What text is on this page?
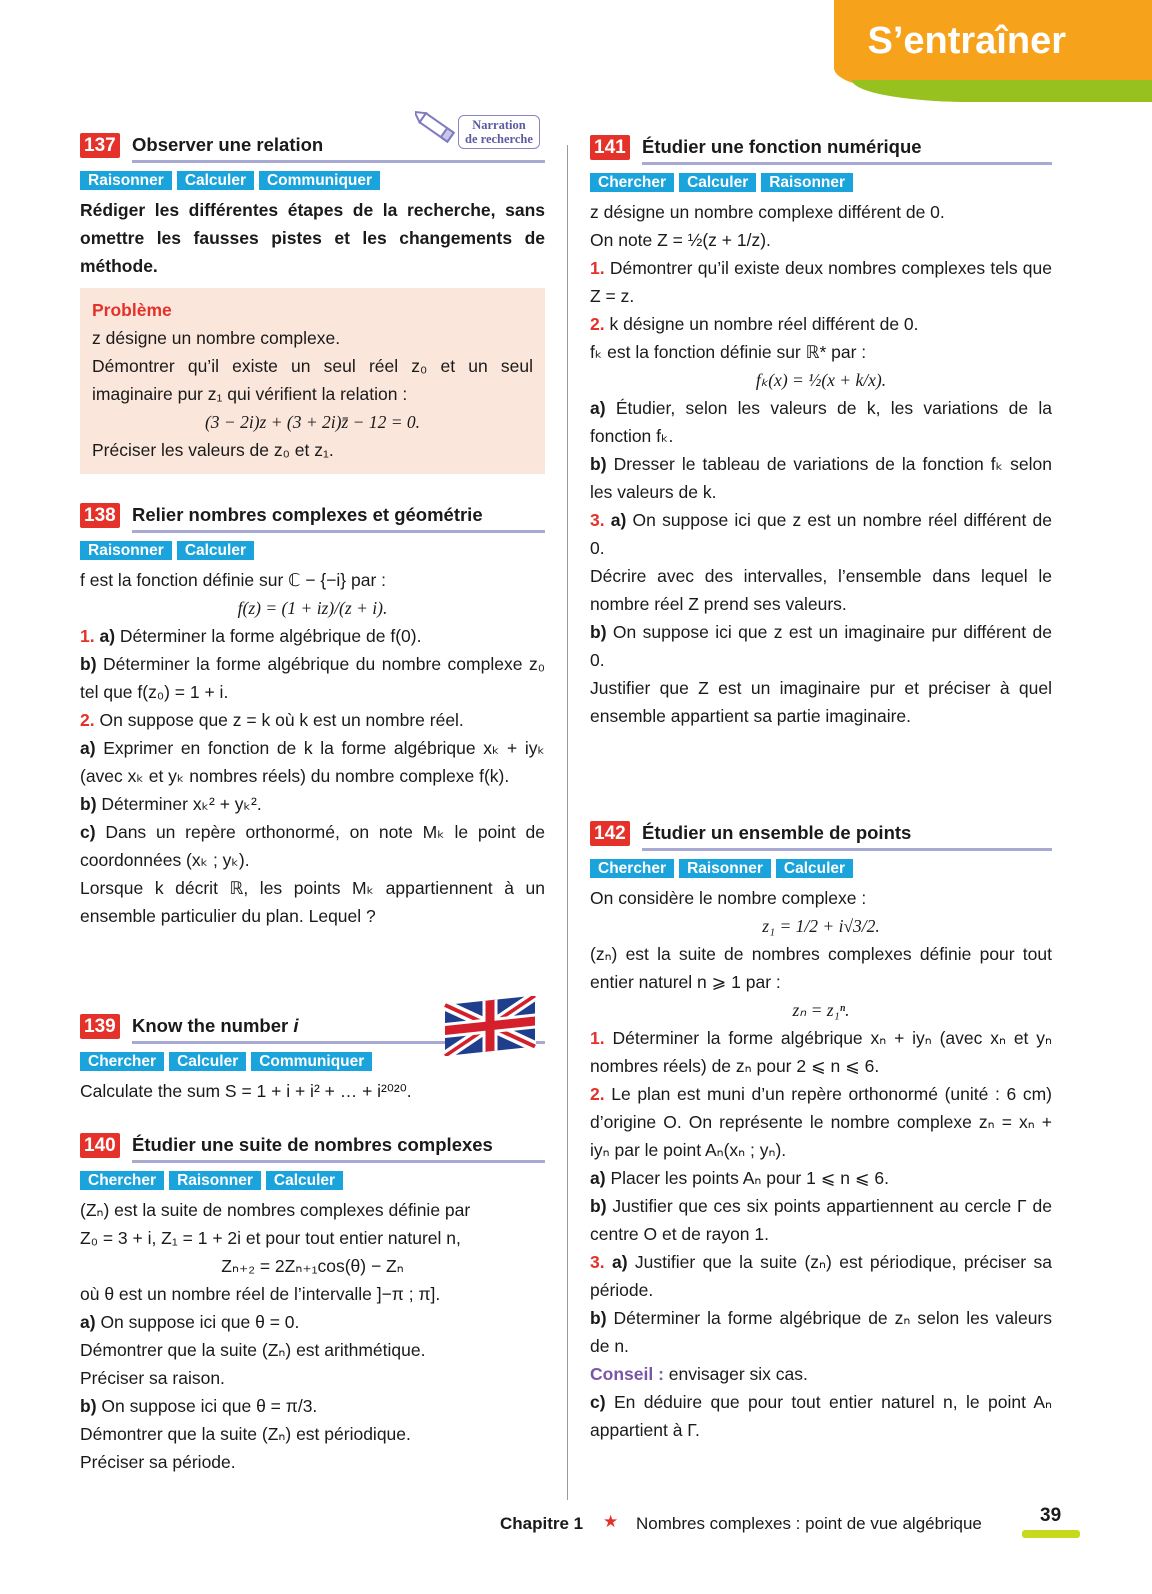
S’entraîner
137 Observer une relation
Narration
de recherche
Raisonner	Calculer	Communiquer
Rédiger les différentes étapes de la recherche, sans omettre les fausses pistes et les changements de méthode.
Problème
z désigne un nombre complexe.
Démontrer qu’il existe un seul réel z₀ et un seul imaginaire pur z₁ qui vérifient la relation :
(3 − 2i)z + (3 + 2i)z̄ − 12 = 0.
Préciser les valeurs de z₀ et z₁.
138 Relier nombres complexes et géométrie
Raisonner	Calculer
f est la fonction définie sur ℂ − {−i} par :
f(z) = (1 + iz)/(z + i).
1. a) Déterminer la forme algébrique de f(0).
b) Déterminer la forme algébrique du nombre complexe z₀ tel que f(z₀) = 1 + i.
2. On suppose que z = k où k est un nombre réel.
a) Exprimer en fonction de k la forme algébrique xₖ + iyₖ (avec xₖ et yₖ nombres réels) du nombre complexe f(k).
b) Déterminer xₖ² + yₖ².
c) Dans un repère orthonormé, on note Mₖ le point de coordonnées (xₖ ; yₖ).
Lorsque k décrit ℝ, les points Mₖ appartiennent à un ensemble particulier du plan. Lequel ?
139 Know the number i
Chercher	Calculer	Communiquer
Calculate the sum S = 1 + i + i² + … + i²⁰²⁰.
140 Étudier une suite de nombres complexes
Chercher	Raisonner	Calculer
(Zₙ) est la suite de nombres complexes définie par
Z₀ = 3 + i, Z₁ = 1 + 2i et pour tout entier naturel n,
Zₙ₊₂ = 2Zₙ₊₁cos(θ) − Zₙ
où θ est un nombre réel de l’intervalle ]−π ; π].
a) On suppose ici que θ = 0.
Démontrer que la suite (Zₙ) est arithmétique.
Préciser sa raison.
b) On suppose ici que θ = π/3.
Démontrer que la suite (Zₙ) est périodique.
Préciser sa période.
141 Étudier une fonction numérique
Chercher	Calculer	Raisonner
z désigne un nombre complexe différent de 0.
On note Z = ½(z + 1/z).
1. Démontrer qu’il existe deux nombres complexes tels que Z = z.
2. k désigne un nombre réel différent de 0.
fₖ est la fonction définie sur ℝ* par :
fₖ(x) = ½(x + k/x).
a) Étudier, selon les valeurs de k, les variations de la fonction fₖ.
b) Dresser le tableau de variations de la fonction fₖ selon les valeurs de k.
3. a) On suppose ici que z est un nombre réel différent de 0.
Décrire avec des intervalles, l’ensemble dans lequel le nombre réel Z prend ses valeurs.
b) On suppose ici que z est un imaginaire pur différent de 0.
Justifier que Z est un imaginaire pur et préciser à quel ensemble appartient sa partie imaginaire.
142 Étudier un ensemble de points
Chercher	Raisonner	Calculer
On considère le nombre complexe :
z₁ = 1/2 + i√3/2.
(zₙ) est la suite de nombres complexes définie pour tout entier naturel n ⩾ 1 par :
zₙ = z₁ⁿ.
1. Déterminer la forme algébrique xₙ + iyₙ (avec xₙ et yₙ nombres réels) de zₙ pour 2 ⩽ n ⩽ 6.
2. Le plan est muni d’un repère orthonormé (unité : 6 cm) d’origine O. On représente le nombre complexe zₙ = xₙ + iyₙ par le point Aₙ(xₙ ; yₙ).
a) Placer les points Aₙ pour 1 ⩽ n ⩽ 6.
b) Justifier que ces six points appartiennent au cercle Γ de centre O et de rayon 1.
3. a) Justifier que la suite (zₙ) est périodique, préciser sa période.
b) Déterminer la forme algébrique de zₙ selon les valeurs de n.
Conseil : envisager six cas.
c) En déduire que pour tout entier naturel n, le point Aₙ appartient à Γ.
Chapitre 1 ★ Nombres complexes : point de vue algébrique	39
